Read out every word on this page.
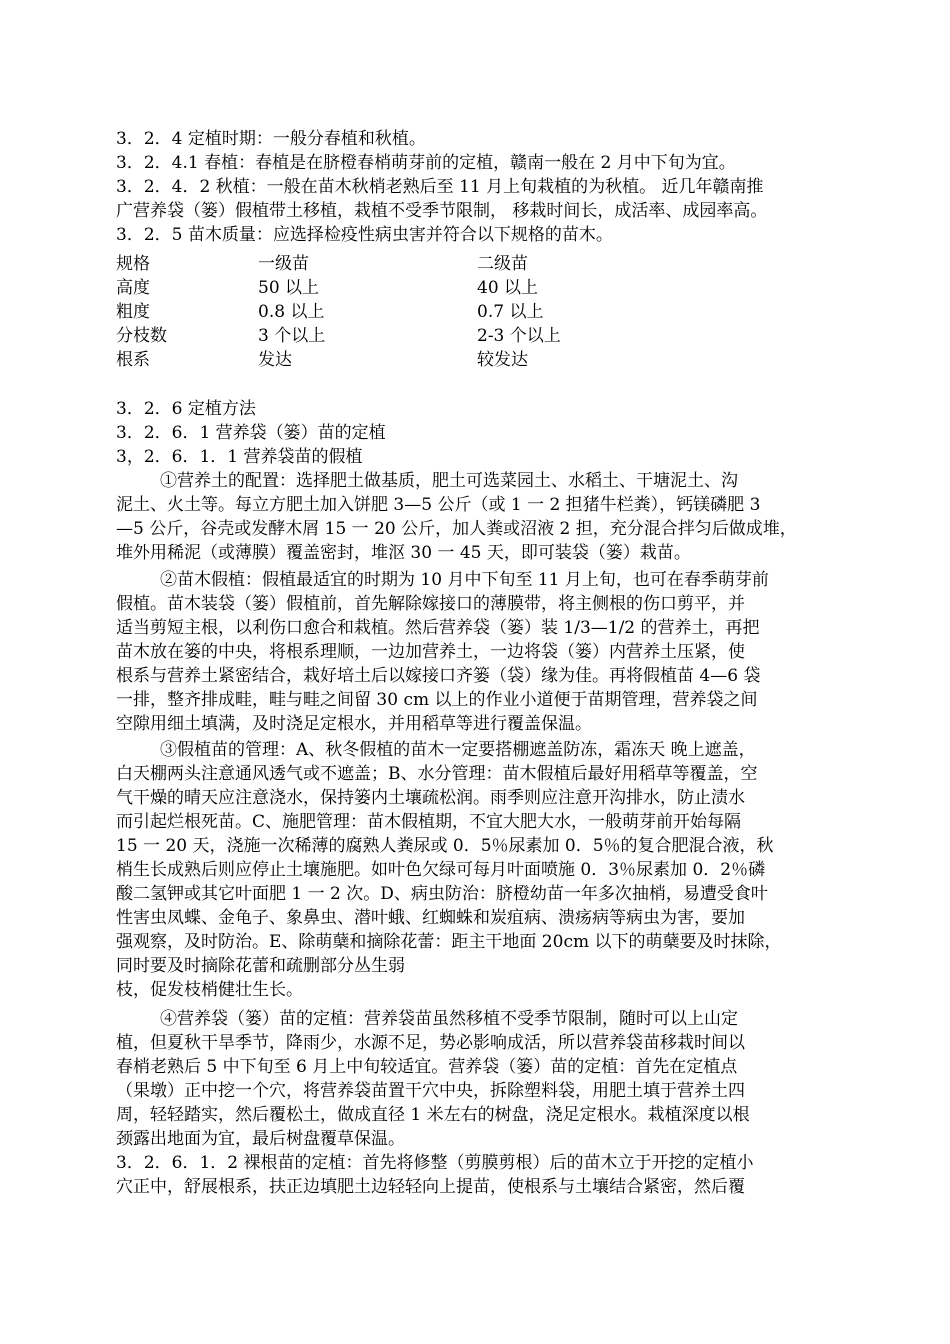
3．2．4 定植时期：一般分春植和秋植。
3．2．4.1 春植：春植是在脐橙春梢萌芽前的定植，赣南一般在 2 月中下旬为宜。
3．2．4．2 秋植：一般在苗木秋梢老熟后至 11 月上旬栽植的为秋植。 近几年赣南推
广营养袋（篓）假植带土移植，栽植不受季节限制， 移栽时间长，成活率、成园率高。
3．2．5 苗木质量：应选择检疫性病虫害并符合以下规格的苗木。
规格	一级苗	二级苗
高度	50 以上	40 以上
粗度	0.8 以上	0.7 以上
分枝数	3 个以上	2-3 个以上
根系	发达	较发达
3．2．6 定植方法
3．2．6．1 营养袋（篓）苗的定植
3，2．6．1．1 营养袋苗的假植
①营养土的配置：选择肥土做基质，肥土可选菜园土、水稻土、干塘泥土、沟
泥土、火土等。每立方肥土加入饼肥 3—5 公斤（或 1 一 2 担猪牛栏粪），钙镁磷肥 3
—5 公斤，谷壳或发酵木屑 15 一 20 公斤，加人粪或沼液 2 担，充分混合拌匀后做成堆，
堆外用稀泥（或薄膜）覆盖密封，堆沤 30 一 45 天，即可装袋（篓）栽苗。
②苗木假植：假植最适宜的时期为 10 月中下旬至 11 月上旬，也可在春季萌芽前
假植。苗木装袋（篓）假植前，首先解除嫁接口的薄膜带，将主侧根的伤口剪平，并
适当剪短主根，以利伤口愈合和栽植。然后营养袋（篓）装 1/3—1/2 的营养土，再把
苗木放在篓的中央，将根系理顺，一边加营养土，一边将袋（篓）内营养土压紧，使
根系与营养土紧密结合，栽好培土后以嫁接口齐篓（袋）缘为佳。再将假植苗 4—6 袋
一排，整齐排成畦，畦与畦之间留 30 cm 以上的作业小道便于苗期管理，营养袋之间
空隙用细土填满，及时浇足定根水，并用稻草等进行覆盖保温。
③假植苗的管理：A、秋冬假植的苗木一定要搭棚遮盖防冻，霜冻天 晚上遮盖，
白天棚两头注意通风透气或不遮盖；B、水分管理：苗木假植后最好用稻草等覆盖，空
气干燥的晴天应注意浇水，保持篓内土壤疏松润。雨季则应注意开沟排水，防止渍水
而引起烂根死苗。C、施肥管理：苗木假植期，不宜大肥大水，一般萌芽前开始每隔
15 一 20 天，浇施一次稀薄的腐熟人粪尿或 0．5％尿素加 0．5％的复合肥混合液，秋
梢生长成熟后则应停止土壤施肥。如叶色欠绿可每月叶面喷施 0．3％尿素加 0．2％磷
酸二氢钾或其它叶面肥 1 一 2 次。D、病虫防治：脐橙幼苗一年多次抽梢，易遭受食叶
性害虫凤蝶、金龟子、象鼻虫、潜叶蛾、红蜘蛛和炭疽病、溃疡病等病虫为害，要加
强观察，及时防治。E、除萌蘖和摘除花蕾：距主干地面 20cm 以下的萌蘖要及时抹除，
同时要及时摘除花蕾和疏删部分丛生弱
枝，促发枝梢健壮生长。
④营养袋（篓）苗的定植：营养袋苗虽然移植不受季节限制，随时可以上山定
植，但夏秋干旱季节，降雨少，水源不足，势必影响成活，所以营养袋苗移栽时间以
春梢老熟后 5 中下旬至 6 月上中旬较适宜。营养袋（篓）苗的定植：首先在定植点
（果墩）正中挖一个穴，将营养袋苗置干穴中央，拆除塑料袋，用肥土填于营养土四
周，轻轻踏实，然后覆松土，做成直径 1 米左右的树盘，浇足定根水。栽植深度以根
颈露出地面为宜，最后树盘覆草保温。
3．2．6．1．2 裸根苗的定植：首先将修整（剪膜剪根）后的苗木立于开挖的定植小
穴正中，舒展根系，扶正边填肥土边轻轻向上提苗，使根系与土壤结合紧密，然后覆
